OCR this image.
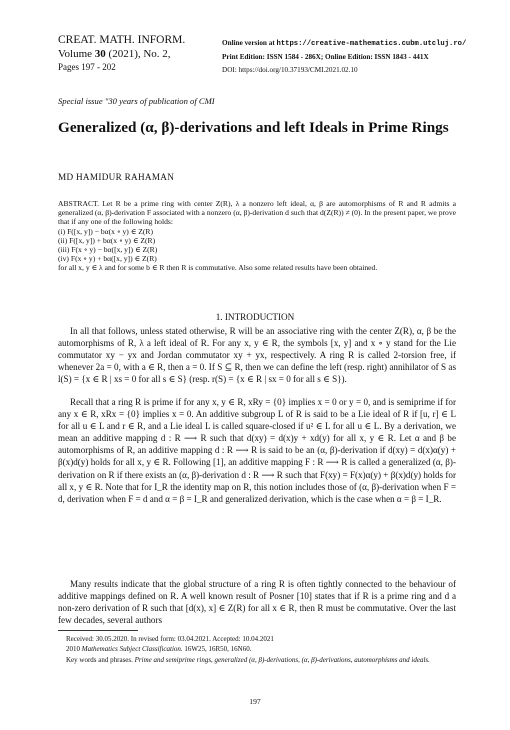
CREAT. MATH. INFORM.
Volume 30 (2021), No. 2,
Pages 197 - 202
Online version at https://creative-mathematics.cubm.utcluj.ro/
Print Edition: ISSN 1584 - 286X; Online Edition: ISSN 1843 - 441X
DOI: https://doi.org/10.37193/CMI.2021.02.10
Special issue "30 years of publication of CMI
Generalized (α, β)-derivations and left Ideals in Prime Rings
MD HAMIDUR RAHAMAN
ABSTRACT. Let R be a prime ring with center Z(R), λ a nonzero left ideal, α, β are automorphisms of R and R admits a generalized (α, β)-derivation F associated with a nonzero (α, β)-derivation d such that d(Z(R)) ≠ (0). In the present paper, we prove that if any one of the following holds:
(i) F([x, y]) − bα(x ∘ y) ∈ Z(R)
(ii) F([x, y]) + bα(x ∘ y) ∈ Z(R)
(iii) F(x ∘ y) − bα([x, y]) ∈ Z(R)
(iv) F(x ∘ y) + bα([x, y]) ∈ Z(R)
for all x, y ∈ λ and for some b ∈ R then R is commutative. Also some related results have been obtained.
1. INTRODUCTION
In all that follows, unless stated otherwise, R will be an associative ring with the center Z(R), α, β be the automorphisms of R, λ a left ideal of R. For any x, y ∈ R, the symbols [x, y] and x ∘ y stand for the Lie commutator xy − yx and Jordan commutator xy + yx, respectively. A ring R is called 2-torsion free, if whenever 2a = 0, with a ∈ R, then a = 0. If S ⊆ R, then we can define the left (resp. right) annihilator of S as l(S) = {x ∈ R | xs = 0 for all s ∈ S} (resp. r(S) = {x ∈ R | sx = 0 for all s ∈ S}).
Recall that a ring R is prime if for any x, y ∈ R, xRy = {0} implies x = 0 or y = 0, and is semiprime if for any x ∈ R, xRx = {0} implies x = 0. An additive subgroup L of R is said to be a Lie ideal of R if [u, r] ∈ L for all u ∈ L and r ∈ R, and a Lie ideal L is called square-closed if u² ∈ L for all u ∈ L. By a derivation, we mean an additive mapping d : R ⟶ R such that d(xy) = d(x)y + xd(y) for all x, y ∈ R. Let α and β be automorphisms of R, an additive mapping d : R ⟶ R is said to be an (α, β)-derivation if d(xy) = d(x)α(y) + β(x)d(y) holds for all x, y ∈ R. Following [1], an additive mapping F : R ⟶ R is called a generalized (α, β)-derivation on R if there exists an (α, β)-derivation d : R ⟶ R such that F(xy) = F(x)α(y) + β(x)d(y) holds for all x, y ∈ R. Note that for I_R the identity map on R, this notion includes those of (α, β)-derivation when F = d, derivation when F = d and α = β = I_R and generalized derivation, which is the case when α = β = I_R.
Many results indicate that the global structure of a ring R is often tightly connected to the behaviour of additive mappings defined on R. A well known result of Posner [10] states that if R is a prime ring and d a non-zero derivation of R such that [d(x), x] ∈ Z(R) for all x ∈ R, then R must be commutative. Over the last few decades, several authors
Received: 30.05.2020. In revised form: 03.04.2021. Accepted: 10.04.2021
2010 Mathematics Subject Classification. 16W25, 16R50, 16N60.
Key words and phrases. Prime and semiprime rings, generalized (α, β)-derivations, (α, β)-derivations, automorphisms and ideals.
197
